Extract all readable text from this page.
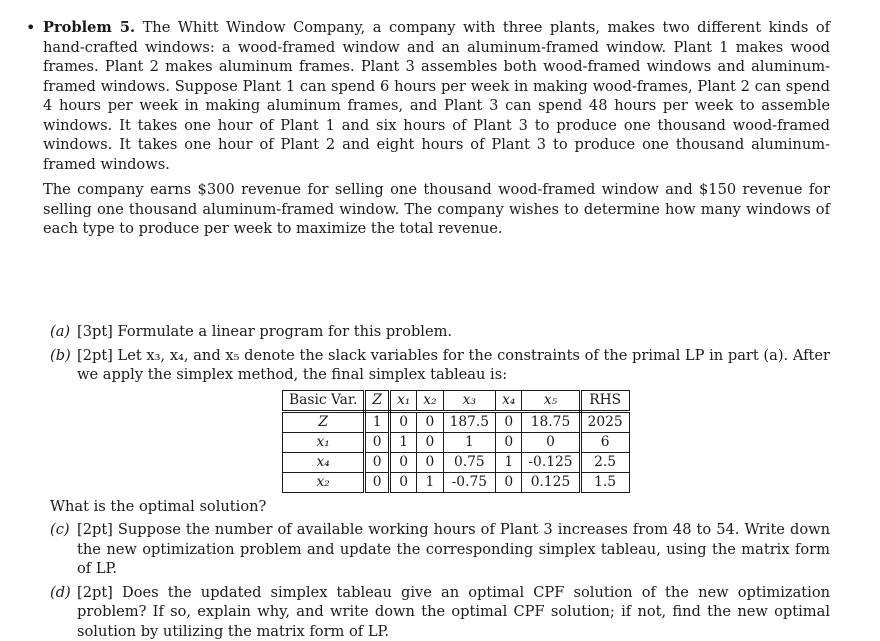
• Problem 5. The Whitt Window Company, a company with three plants, makes two different kinds of hand-crafted windows: a wood-framed window and an aluminum-framed window. Plant 1 makes wood frames. Plant 2 makes aluminum frames. Plant 3 assembles both wood-framed windows and aluminum-framed windows. Suppose Plant 1 can spend 6 hours per week in making wood-frames, Plant 2 can spend 4 hours per week in making aluminum frames, and Plant 3 can spend 48 hours per week to assemble windows. It takes one hour of Plant 1 and six hours of Plant 3 to produce one thousand wood-framed windows. It takes one hour of Plant 2 and eight hours of Plant 3 to produce one thousand aluminum-framed windows.
The company earns $300 revenue for selling one thousand wood-framed window and $150 revenue for selling one thousand aluminum-framed window. The company wishes to determine how many windows of each type to produce per week to maximize the total revenue.
(a) [3pt] Formulate a linear program for this problem.
(b) [2pt] Let x₃, x₄, and x₅ denote the slack variables for the constraints of the primal LP in part (a). After we apply the simplex method, the final simplex tableau is:
Basic Var.	Z	x₁	x₂	x₃	x₄	x₅	RHS
Z	1	0	0	187.5	0	18.75	2025
x₁	0	1	0	1	0	0	6
x₄	0	0	0	0.75	1	-0.125	2.5
x₂	0	0	1	-0.75	0	0.125	1.5
What is the optimal solution?
(c) [2pt] Suppose the number of available working hours of Plant 3 increases from 48 to 54. Write down the new optimization problem and update the corresponding simplex tableau, using the matrix form of LP.
(d) [2pt] Does the updated simplex tableau give an optimal CPF solution of the new optimization problem? If so, explain why, and write down the optimal CPF solution; if not, find the new optimal solution by utilizing the matrix form of LP.
